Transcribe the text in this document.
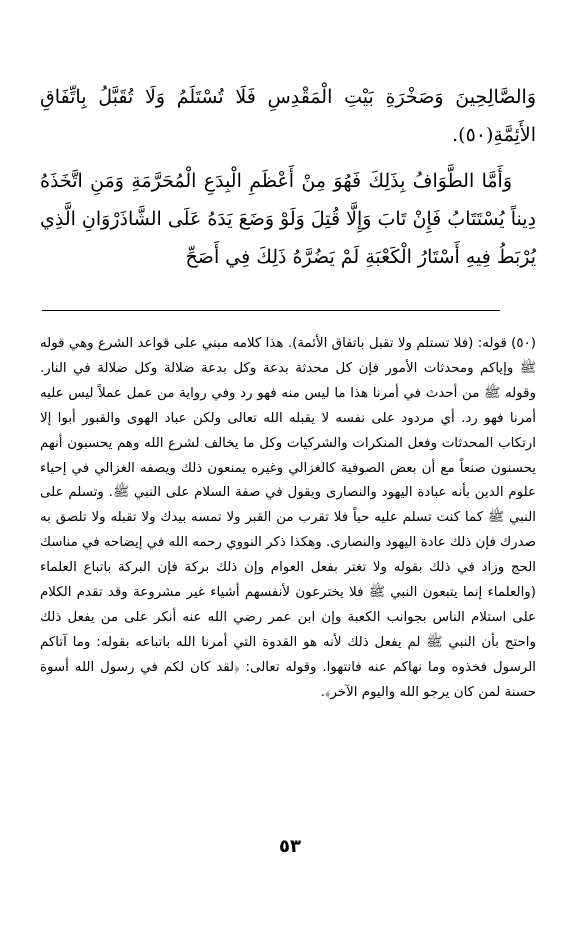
وَالصَّالِحِينَ وَصَخْرَةِ بَيْتِ الْمَقْدِسِ فَلَا تُسْتَلَمُ وَلَا تُقَبَّلُ بِاتِّفَاقِ الأَئِمَّةِ(٥٠).

وَأَمَّا الطَّوَافُ بِذَلِكَ فَهُوَ مِنْ أَعْظَمِ الْبِدَعِ الْمُحَرَّمَةِ وَمَنِ اتَّخَذَهُ دِيناً يُسْتَتَابُ فَإِنْ تَابَ وَإِلَّا قُتِلَ وَلَوْ وَضَعَ يَدَهُ عَلَى الشَّاذَرْوَانِ الَّذِي يُرْبَطُ فِيهِ أَسْتَارُ الْكَعْبَةِ لَمْ يَضُرَّهُ ذَلِكَ فِي أَصَحِّ

(٥٠) قوله: (فلا تستلم ولا تقبل باتفاق الأئمة). هذا كلامه مبني على قواعد الشرع وهي قوله ﷺ وإياكم ومحدثات الأمور فإن كل محدثة بدعة وكل بدعة ضلالة وكل ضلالة في النار. وقوله ﷺ من أحدث في أمرنا هذا ما ليس منه فهو رد وفي رواية من عمل عملاً ليس عليه أمرنا فهو رد. أي مردود على نفسه لا يقبله الله تعالى ولكن عباد الهوى والقبور أبوا إلا ارتكاب المحدثات وفعل المنكرات والشركيات وكل ما يخالف لشرع الله وهم يحسبون أنهم يحسنون صنعاً مع أن بعض الصوفية كالغزالي وغيره يمنعون ذلك ويصفه الغزالي في إحياء علوم الدين بأنه عبادة اليهود والنصارى ويقول في صفة السلام على النبي ﷺ. وتسلم على النبي ﷺ كما كنت تسلم عليه حياً فلا تقرب من القبر ولا تمسه بيدك ولا تقبله ولا تلصق به صدرك فإن ذلك عادة اليهود والنصارى. وهكذا ذكر النووي رحمه الله في إيضاحه في مناسك الحج وزاد في ذلك بقوله ولا تغتر بفعل العوام وإن ذلك بركة فإن البركة باتباع العلماء (والعلماء إنما يتبعون النبي ﷺ فلا يخترعون لأنفسهم أشياء غير مشروعة وقد تقدم الكلام على استلام الناس بجوانب الكعبة وإن ابن عمر رضي الله عنه أنكر على من يفعل ذلك واحتج بأن النبي ﷺ لم يفعل ذلك لأنه هو القدوة التي أمرنا الله باتباعه بقوله: وما آتاكم الرسول فخذوه وما نهاكم عنه فانتهوا. وقوله تعالى: ﴿لقد كان لكم في رسول الله أسوة حسنة لمن كان يرجو الله واليوم الآخر﴾.

٥٣
